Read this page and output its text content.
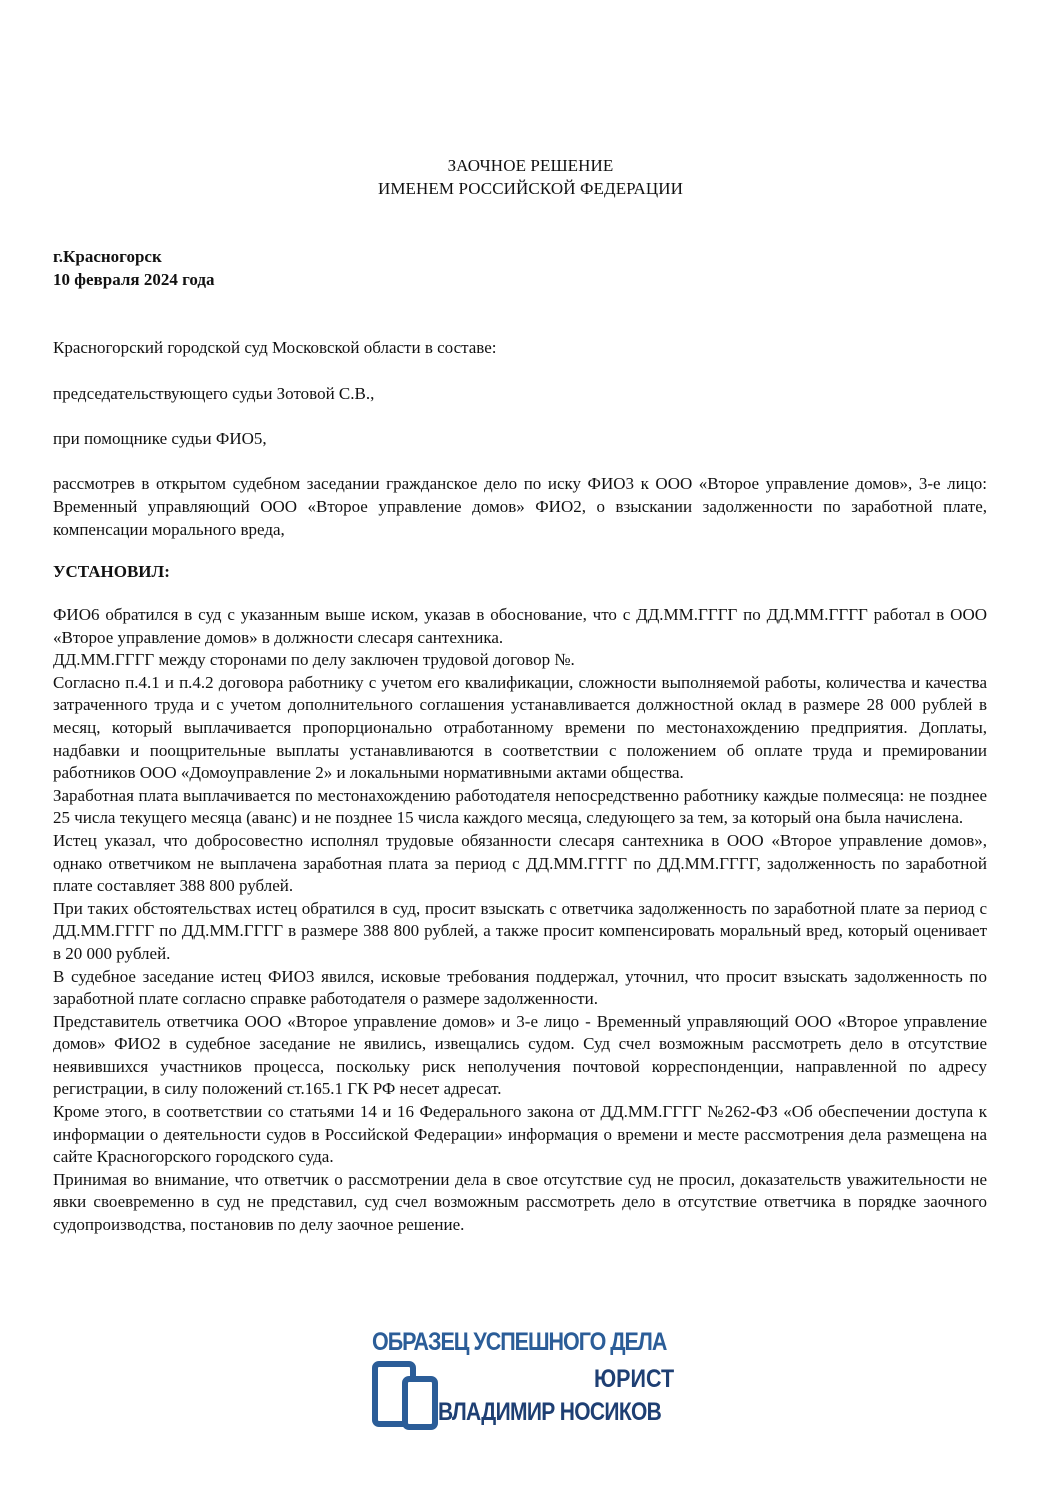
ЗАОЧНОЕ РЕШЕНИЕ
ИМЕНЕМ РОССИЙСКОЙ ФЕДЕРАЦИИ
г.Красногорск
10 февраля 2024 года
Красногорский городской суд Московской области в составе:
председательствующего судьи Зотовой С.В.,
при помощнике судьи ФИО5,
рассмотрев в открытом судебном заседании гражданское дело по иску ФИО3 к ООО «Второе управление домов», 3-е лицо: Временный управляющий ООО «Второе управление домов» ФИО2, о взыскании задолженности по заработной плате, компенсации морального вреда,
УСТАНОВИЛ:

ФИО6 обратился в суд с указанным выше иском, указав в обоснование, что с ДД.ММ.ГГГГ по ДД.ММ.ГГГГ работал в ООО «Второе управление домов» в должности слесаря сантехника.

ДД.ММ.ГГГГ между сторонами по делу заключен трудовой договор №.

Согласно п.4.1 и п.4.2 договора работнику с учетом его квалификации, сложности выполняемой работы, количества и качества затраченного труда и с учетом дополнительного соглашения устанавливается должностной оклад в размере 28 000 рублей в месяц, который выплачивается пропорционально отработанному времени по местонахождению предприятия. Доплаты, надбавки и поощрительные выплаты устанавливаются в соответствии с положением об оплате труда и премировании работников ООО «Домоуправление 2» и локальными нормативными актами общества.

Заработная плата выплачивается по местонахождению работодателя непосредственно работнику каждые полмесяца: не позднее 25 числа текущего месяца (аванс) и не позднее 15 числа каждого месяца, следующего за тем, за который она была начислена.

Истец указал, что добросовестно исполнял трудовые обязанности слесаря сантехника в ООО «Второе управление домов», однако ответчиком не выплачена заработная плата за период с ДД.ММ.ГГГГ по ДД.ММ.ГГГГ, задолженность по заработной плате составляет 388 800 рублей.

При таких обстоятельствах истец обратился в суд, просит взыскать с ответчика задолженность по заработной плате за период с ДД.ММ.ГГГГ по ДД.ММ.ГГГГ в размере 388 800 рублей, а также просит компенсировать моральный вред, который оценивает в 20 000 рублей.

В судебное заседание истец ФИО3 явился, исковые требования поддержал, уточнил, что просит взыскать задолженность по заработной плате согласно справке работодателя о размере задолженности.

Представитель ответчика ООО «Второе управление домов» и 3-е лицо - Временный управляющий ООО «Второе управление домов» ФИО2 в судебное заседание не явились, извещались судом. Суд счел возможным рассмотреть дело в отсутствие неявившихся участников процесса, поскольку риск неполучения почтовой корреспонденции, направленной по адресу регистрации, в силу положений ст.165.1 ГК РФ несет адресат.

Кроме этого, в соответствии со статьями 14 и 16 Федерального закона от ДД.ММ.ГГГГ №262-ФЗ «Об обеспечении доступа к информации о деятельности судов в Российской Федерации» информация о времени и месте рассмотрения дела размещена на сайте Красногорского городского суда.

Принимая во внимание, что ответчик о рассмотрении дела в свое отсутствие суд не просил, доказательств уважительности не явки своевременно в суд не представил, суд счел возможным рассмотреть дело в отсутствие ответчика в порядке заочного судопроизводства, постановив по делу заочное решение.

ОБРАЗЕЦ УСПЕШНОГО ДЕЛА
ЮРИСТ
ВЛАДИМИР НОСИКОВ
